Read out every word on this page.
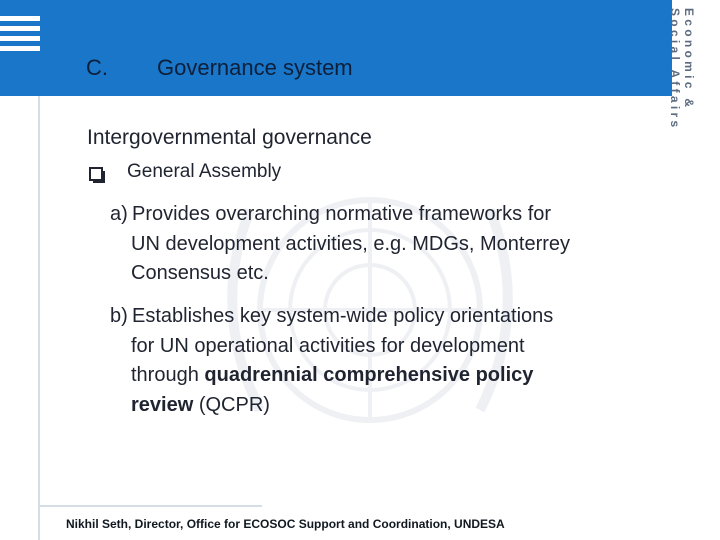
C. Governance system	Economic &
Social Affairs
Intergovernmental governance
General Assembly
a) Provides overarching normative frameworks for
UN development activities, e.g. MDGs, Monterrey
Consensus etc.
b) Establishes key system-wide policy orientations
for UN operational activities for development
through quadrennial comprehensive policy
review (QCPR)
Nikhil Seth, Director, Office for ECOSOC Support and Coordination, UNDESA
